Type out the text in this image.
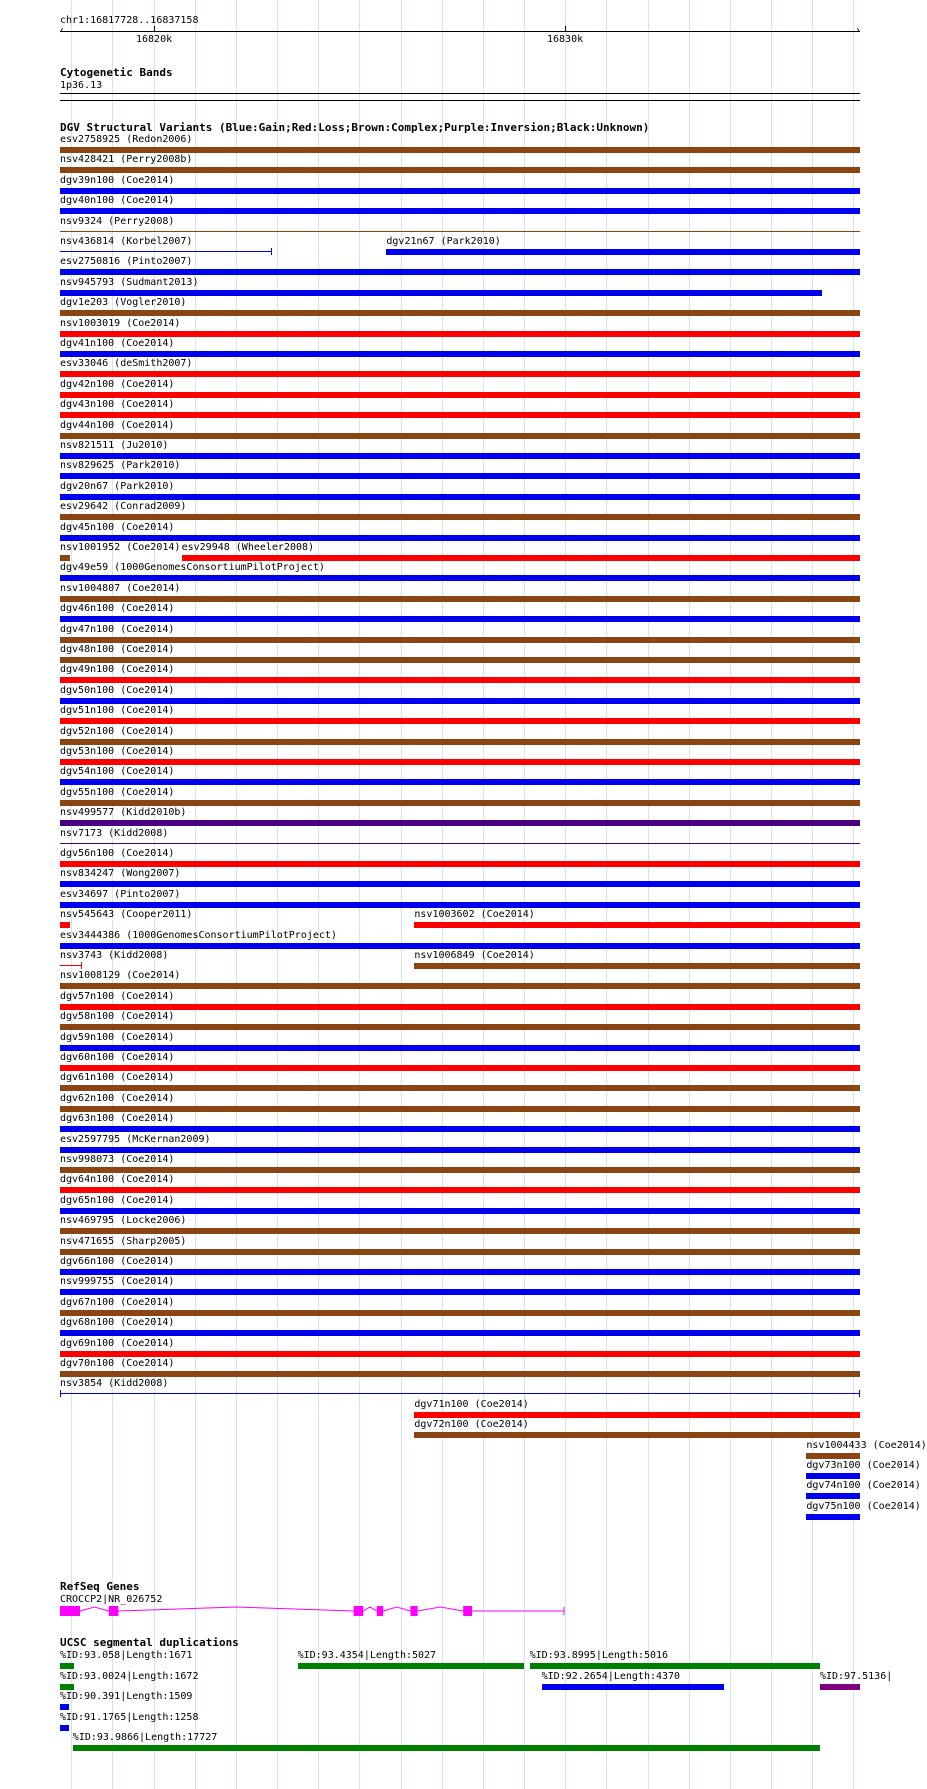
chr1:16817728..16837158
‹	›
16820k	16830k
Cytogenetic Bands
1p36.13
DGV Structural Variants (Blue:Gain;Red:Loss;Brown:Complex;Purple:Inversion;Black:Unknown)
esv2758925 (Redon2006)
nsv428421 (Perry2008b)
dgv39n100 (Coe2014)
dgv40n100 (Coe2014)
nsv9324 (Perry2008)
nsv436814 (Korbel2007)	dgv21n67 (Park2010)
esv2750816 (Pinto2007)
nsv945793 (Sudmant2013)
dgv1e203 (Vogler2010)
nsv1003019 (Coe2014)
dgv41n100 (Coe2014)
esv33046 (deSmith2007)
dgv42n100 (Coe2014)
dgv43n100 (Coe2014)
dgv44n100 (Coe2014)
nsv821511 (Ju2010)
nsv829625 (Park2010)
dgv20n67 (Park2010)
esv29642 (Conrad2009)
dgv45n100 (Coe2014)
nsv1001952 (Coe2014) esv29948 (Wheeler2008)
dgv49e59 (1000GenomesConsortiumPilotProject)
nsv1004807 (Coe2014)
dgv46n100 (Coe2014)
dgv47n100 (Coe2014)
dgv48n100 (Coe2014)
dgv49n100 (Coe2014)
dgv50n100 (Coe2014)
dgv51n100 (Coe2014)
dgv52n100 (Coe2014)
dgv53n100 (Coe2014)
dgv54n100 (Coe2014)
dgv55n100 (Coe2014)
nsv499577 (Kidd2010b)
nsv7173 (Kidd2008)
dgv56n100 (Coe2014)
nsv834247 (Wong2007)
esv34697 (Pinto2007)
nsv545643 (Cooper2011)	nsv1003602 (Coe2014)
esv3444386 (1000GenomesConsortiumPilotProject)
nsv3743 (Kidd2008)	nsv1006849 (Coe2014)
nsv1008129 (Coe2014)
dgv57n100 (Coe2014)
dgv58n100 (Coe2014)
dgv59n100 (Coe2014)
dgv60n100 (Coe2014)
dgv61n100 (Coe2014)
dgv62n100 (Coe2014)
dgv63n100 (Coe2014)
esv2597795 (McKernan2009)
nsv998073 (Coe2014)
dgv64n100 (Coe2014)
dgv65n100 (Coe2014)
nsv469795 (Locke2006)
nsv471655 (Sharp2005)
dgv66n100 (Coe2014)
nsv999755 (Coe2014)
dgv67n100 (Coe2014)
dgv68n100 (Coe2014)
dgv69n100 (Coe2014)
dgv70n100 (Coe2014)
nsv3854 (Kidd2008)
dgv71n100 (Coe2014)
dgv72n100 (Coe2014)
nsv1004433 (Coe2014)
dgv73n100 (Coe2014)
dgv74n100 (Coe2014)
dgv75n100 (Coe2014)
RefSeq Genes
CROCCP2|NR_026752
UCSC segmental duplications
%ID:93.058|Length:1671	%ID:93.4354|Length:5027	%ID:93.8995|Length:5016
%ID:93.0024|Length:1672	%ID:92.2654|Length:4370	%ID:97.5136|
%ID:90.391|Length:1509
%ID:91.1765|Length:1258
%ID:93.9866|Length:17727
